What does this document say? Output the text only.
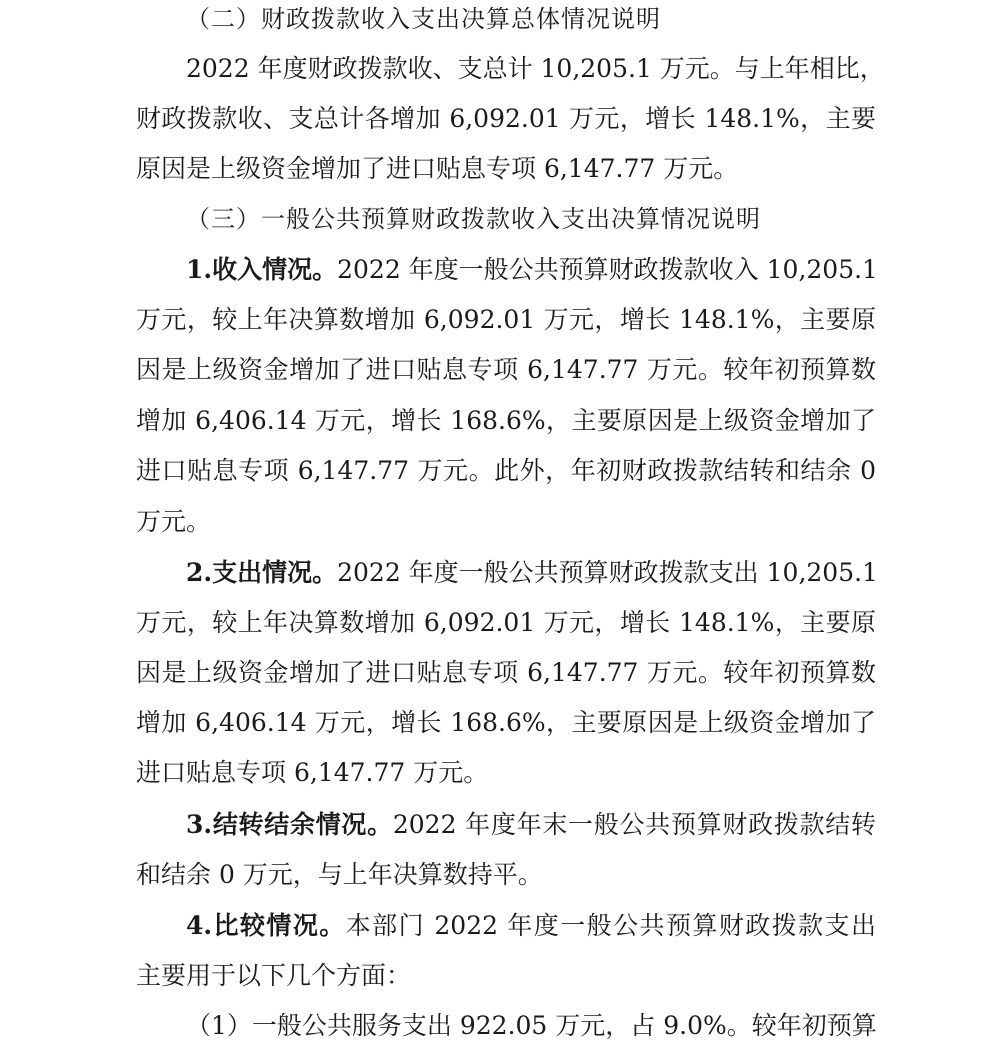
（二）财政拨款收入支出决算总体情况说明
2022 年度财政拨款收、支总计 10,205.1 万元。与上年相比，
财政拨款收、支总计各增加 6,092.01 万元，增长 148.1%，主要
原因是上级资金增加了进口贴息专项 6,147.77 万元。
（三）一般公共预算财政拨款收入支出决算情况说明
1.收入情况。2022 年度一般公共预算财政拨款收入 10,205.1
万元，较上年决算数增加 6,092.01 万元，增长 148.1%，主要原
因是上级资金增加了进口贴息专项 6,147.77 万元。较年初预算数
增加 6,406.14 万元，增长 168.6%，主要原因是上级资金增加了
进口贴息专项 6,147.77 万元。此外，年初财政拨款结转和结余 0
万元。
2.支出情况。2022 年度一般公共预算财政拨款支出 10,205.1
万元，较上年决算数增加 6,092.01 万元，增长 148.1%，主要原
因是上级资金增加了进口贴息专项 6,147.77 万元。较年初预算数
增加 6,406.14 万元，增长 168.6%，主要原因是上级资金增加了
进口贴息专项 6,147.77 万元。
3.结转结余情况。2022 年度年末一般公共预算财政拨款结转
和结余 0 万元，与上年决算数持平。
4.比较情况。本部门 2022 年度一般公共预算财政拨款支出
主要用于以下几个方面：
（1）一般公共服务支出 922.05 万元，占 9.0%。较年初预算
